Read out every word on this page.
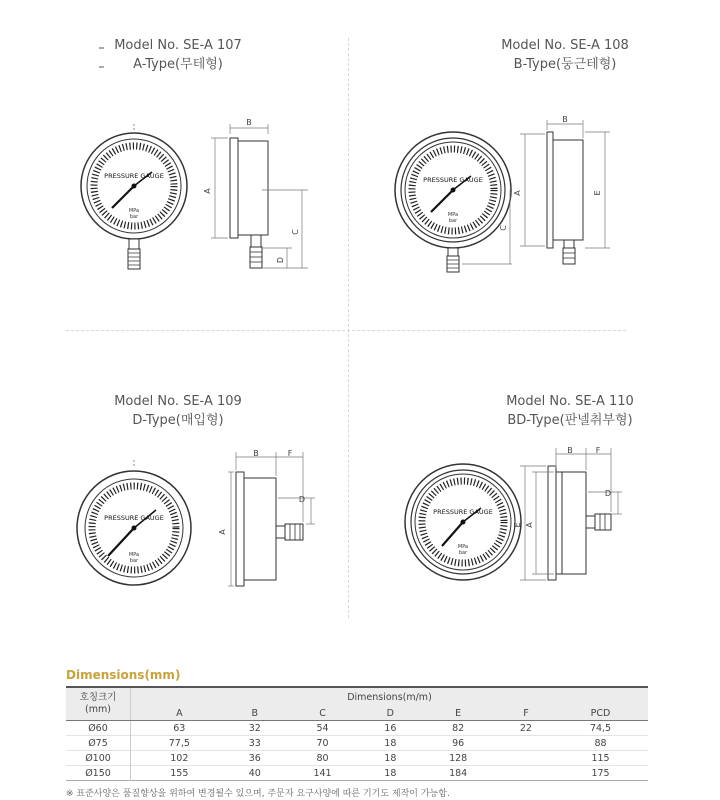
Model No. SE-A 107
A-Type(무테형)
PRESSURE GAUGE
MPa
bar
B
A
C
D
Model No. SE-A 108
B-Type(둥근테형)
PRESSURE GAUGE
MPa
bar
B
A	E
C
Model No. SE-A 109
D-Type(매입형)
PRESSURE GAUGE
MPa
bar
B	F
A
D
Model No. SE-A 110
BD-Type(판넬취부형)
PRESSURE GAUGE
MPa
bar
B	F
E A
D
Dimensions(mm)
호칭크기
(mm)	Dimensions(m/m)						
	A	B	C	D	E	F	PCD
Ø60	63	32	54	16	82	22	74,5
Ø75	77,5	33	70	18	96		88
Ø100	102	36	80	18	128		115
Ø150	155	40	141	18	184		175
※ 표준사양은 품질향상을 위하여 변경될수 있으며, 주문자 요구사양에 따른 기기도 제작이 가능함.
